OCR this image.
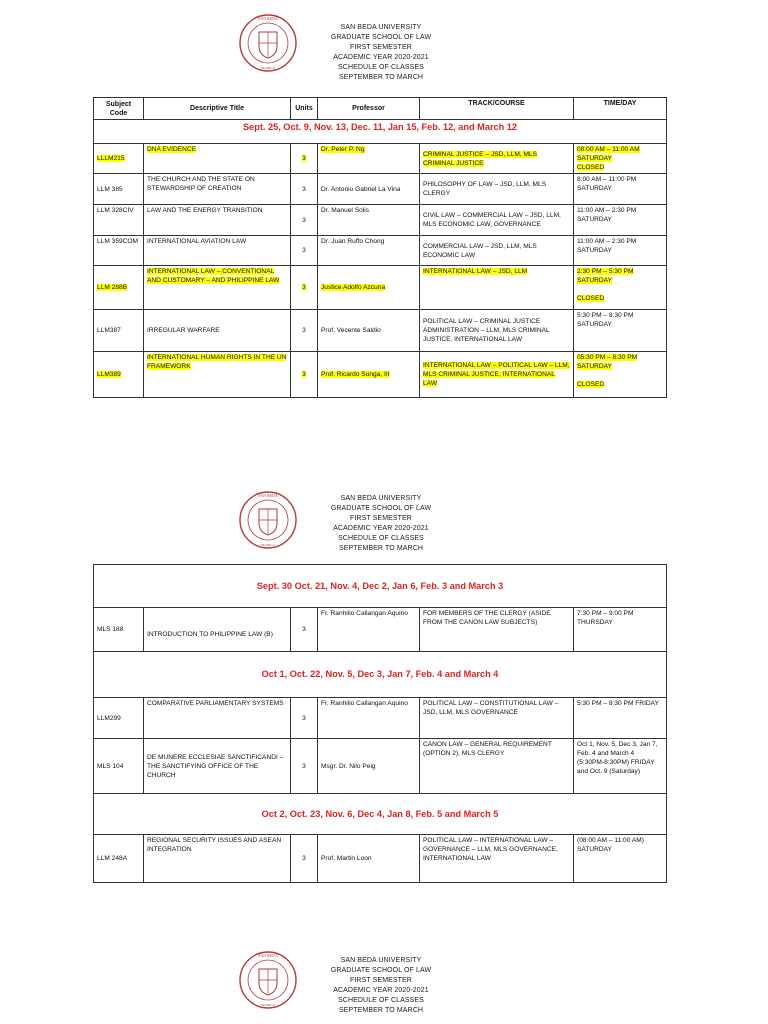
SAN BEDA
MANILA
SAN BEDA UNIVERSITY
GRADUATE SCHOOL OF LAW
FIRST SEMESTER
ACADEMIC YEAR 2020-2021
SCHEDULE OF CLASSES
SEPTEMBER TO MARCH
Subject Code	Descriptive Title	Units	Professor	TRACK/COURSE	TIME/DAY
Sept. 25, Oct. 9, Nov. 13, Dec. 11, Jan 15, Feb. 12, and March 12					
LLLM215	DNA EVIDENCE	3	Dr. Peter P. Ng	CRIMINAL JUSTICE – JSD, LLM, MLS CRIMINAL JUSTICE	08:00 AM – 11:00 AM SATURDAY
CLOSED
LLM 385	THE CHURCH AND THE STATE ON STEWARDSHIP OF CREATION	3	Dr. Antonio Gabriel La Vina	PHILOSOPHY OF LAW – JSD, LLM, MLS CLERGY	8:00 AM – 11:00 PM SATURDAY
LLM 328CIV	LAW AND THE ENERGY TRANSITION	3	Dr. Manuel Solis	CIVIL LAW – COMMERCIAL LAW – JSD, LLM, MLS ECONOMIC LAW, GOVERNANCE	11:00 AM – 2:30 PM SATURDAY
LLM 359COM	INTERNATIONAL AVIATION LAW	3	Dr. Juan Ruffo Chong	COMMERCIAL LAW – JSD, LLM, MLS ECONOMIC LAW	11:00 AM – 2:30 PM SATURDAY
LLM 288B	INTERNATIONAL LAW – CONVENTIONAL AND CUSTOMARY – AND PHILIPPINE LAW	3	Justice Adolfo Azcuna	INTERNATIONAL LAW – JSD, LLM	2:30 PM – 5:30 PM SATURDAY
CLOSED
LLM387	IRREGULAR WARFARE	3	Prof. Vecente Saldio	POLITICAL LAW – CRIMINAL JUSTICE ADMINISTRATION – LLM, MLS CRIMINAL JUSTICE, INTERNATIONAL LAW	5:30 PM – 8:30 PM SATURDAY
LLM389	INTERNATIONAL HUMAN RIGHTS IN THE UN FRAMEWORK	3	Prof. Ricardo Sunga, III	INTERNATIONAL LAW – POLITICAL LAW – LLM, MLS CRIMINAL JUSTICE, INTERNATIONAL LAW	05:30 PM – 8:30 PM SATURDAY
CLOSED
SAN BEDA
MANILA
SAN BEDA UNIVERSITY
GRADUATE SCHOOL OF LAW
FIRST SEMESTER
ACADEMIC YEAR 2020-2021
SCHEDULE OF CLASSES
SEPTEMBER TO MARCH
Sept. 30 Oct. 21, Nov. 4, Dec 2, Jan 6, Feb. 3 and March 3					
MLS 188	INTRODUCTION TO PHILIPPINE LAW (B)	3	Fr. Ranhilio Callangan Aquino	FOR MEMBERS OF THE CLERGY (ASIDE FROM THE CANON LAW SUBJECTS)	7:30 PM – 9:00 PM THURSDAY
Oct 1, Oct. 22, Nov. 5, Dec 3, Jan 7, Feb. 4 and March 4					
LLM299	COMPARATIVE PARLIAMENTARY SYSTEMS	3	Fr. Ranhilio Callangan Aquino	POLITICAL LAW – CONSTITUTIONAL LAW – JSD, LLM, MLS GOVERNANCE	5:30 PM – 8:30 PM FRIDAY
MLS 104	DE MUNERE ECCLESIAE SANCTIFICANDI – THE SANCTIFYING OFFICE OF THE CHURCH	3	Msgr. Dr. Nilo Peig	CANON LAW – GENERAL REQUIREMENT (OPTION 2), MLS CLERGY	Oct 1, Nov. 5, Dec 3, Jan 7, Feb. 4 and March 4 (5:30PM-8:30PM) FRIDAY and Oct. 9 (Saturday)
Oct 2, Oct. 23, Nov. 6, Dec 4, Jan 8, Feb. 5 and March 5					
LLM 248A	REGIONAL SECURITY ISSUES AND ASEAN INTEGRATION	3	Prof. Martin Loon	POLITICAL LAW – INTERNATIONAL LAW – GOVERNANCE – LLM, MLS GOVERNANCE, INTERNATIONAL LAW	(08:00 AM – 11:00 AM) SATURDAY
SAN BEDA
MANILA
SAN BEDA UNIVERSITY
GRADUATE SCHOOL OF LAW
FIRST SEMESTER
ACADEMIC YEAR 2020-2021
SCHEDULE OF CLASSES
SEPTEMBER TO MARCH
